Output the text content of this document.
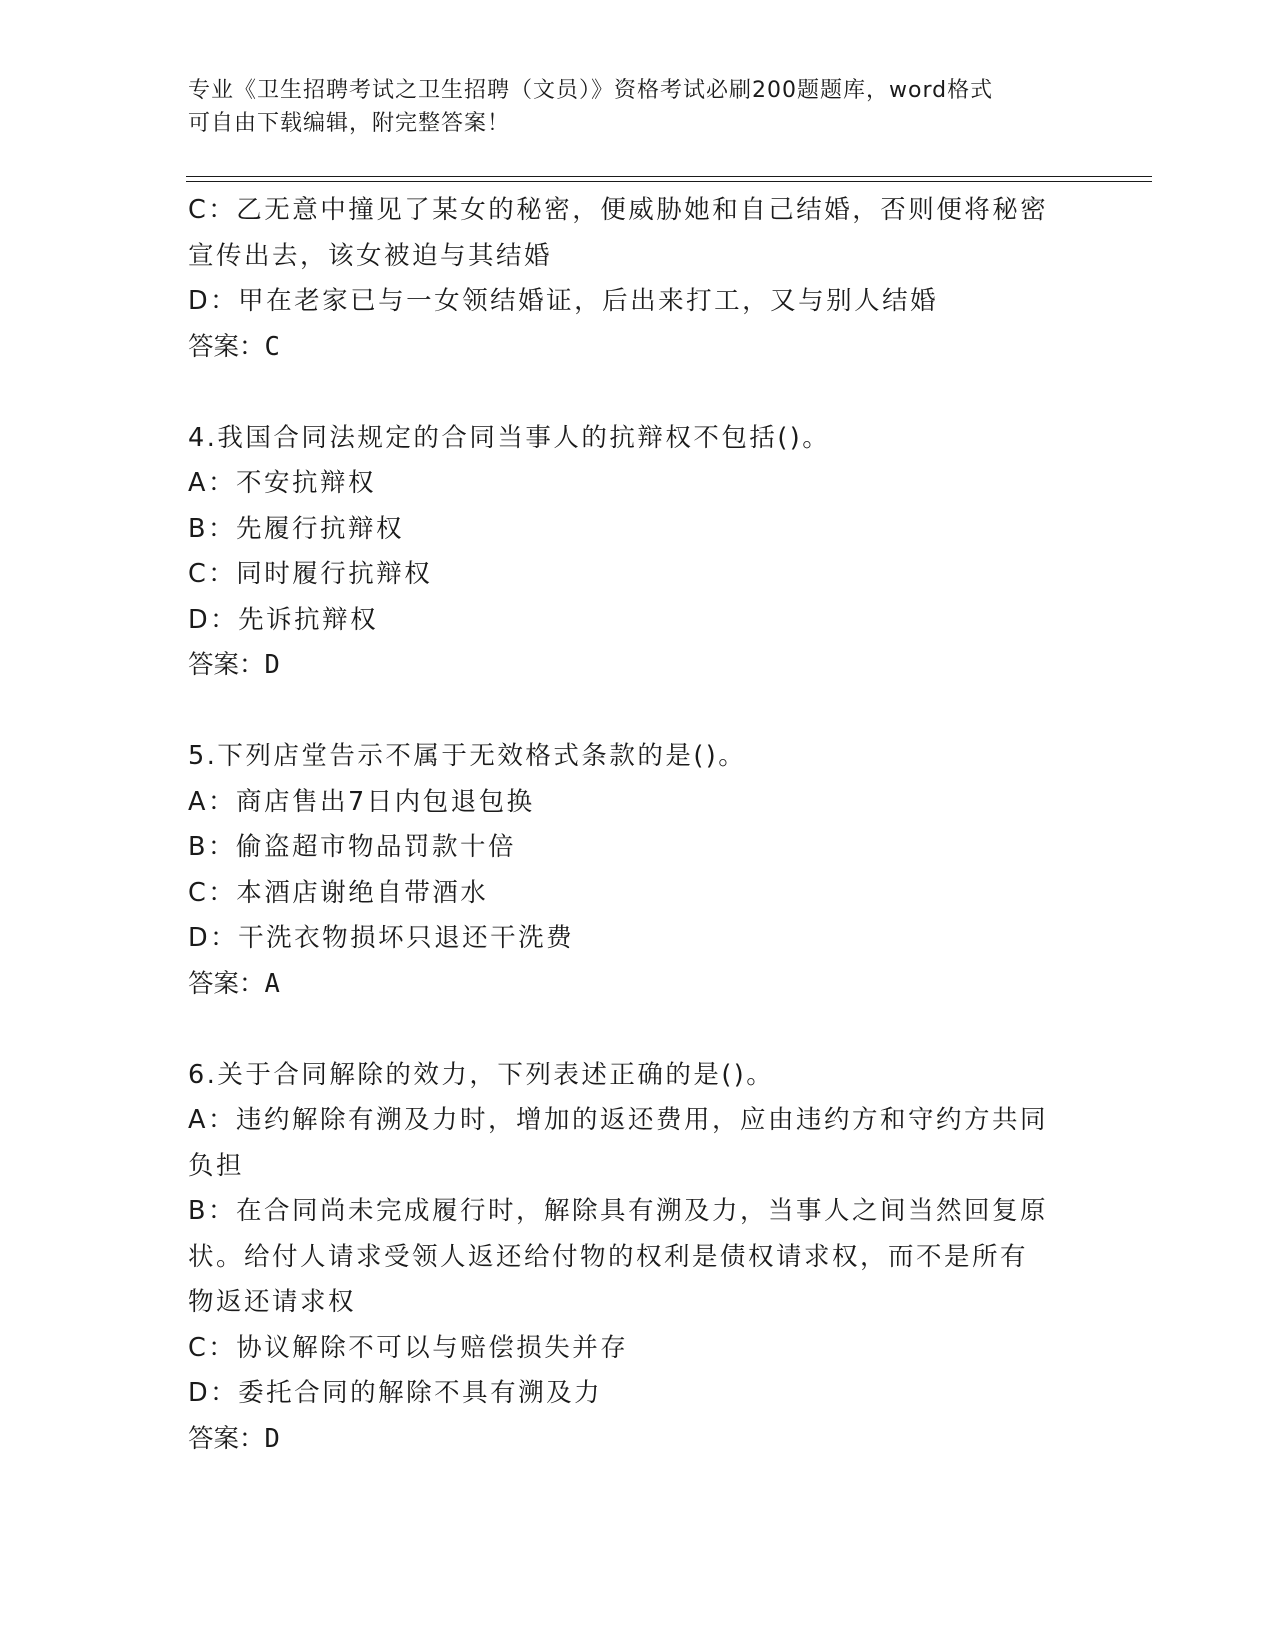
专业《卫生招聘考试之卫生招聘（文员）》资格考试必刷200题题库，word格式
可自由下载编辑，附完整答案！

C：乙无意中撞见了某女的秘密，便威胁她和自己结婚，否则便将秘密

宣传出去，该女被迫与其结婚

D：甲在老家已与一女领结婚证，后出来打工，又与别人结婚

答案：C

4.我国合同法规定的合同当事人的抗辩权不包括()。

A：不安抗辩权

B：先履行抗辩权

C：同时履行抗辩权

D：先诉抗辩权

答案：D

5.下列店堂告示不属于无效格式条款的是()。

A：商店售出7日内包退包换

B：偷盗超市物品罚款十倍

C：本酒店谢绝自带酒水

D：干洗衣物损坏只退还干洗费

答案：A

6.关于合同解除的效力，下列表述正确的是()。

A：违约解除有溯及力时，增加的返还费用，应由违约方和守约方共同

负担

B：在合同尚未完成履行时，解除具有溯及力，当事人之间当然回复原

状。给付人请求受领人返还给付物的权利是债权请求权，而不是所有

物返还请求权

C：协议解除不可以与赔偿损失并存

D：委托合同的解除不具有溯及力

答案：D
